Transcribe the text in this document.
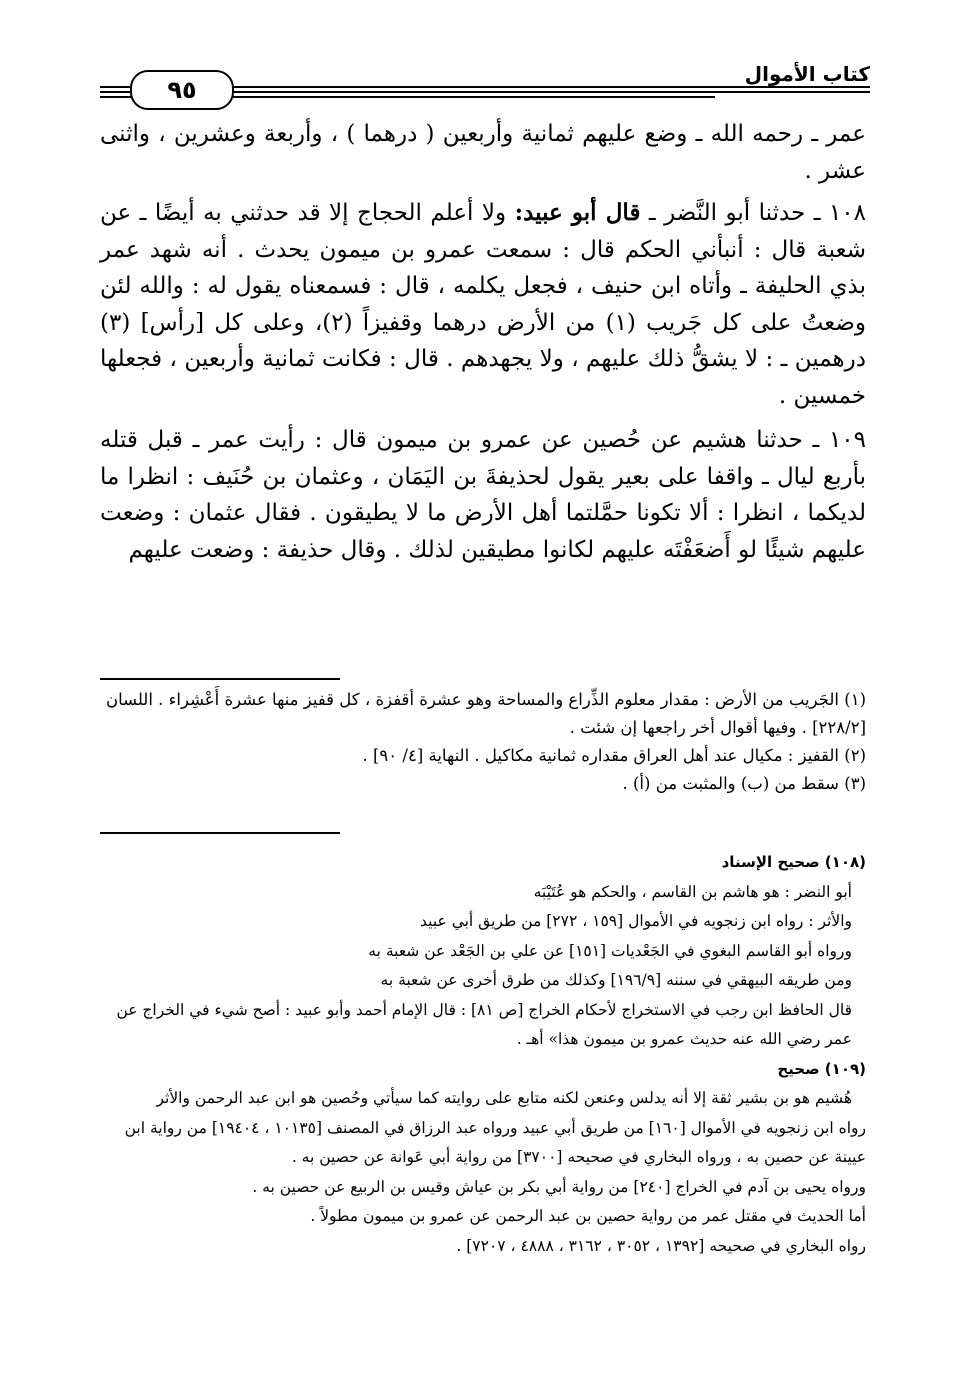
كتاب الأموال
٩٥

عمر ـ رحمه الله ـ وضع عليهم ثمانية وأربعين ( درهما ) ، وأربعة وعشرين ، واثنى عشر .

١٠٨ ـ حدثنا أبو النَّضر ـ قال أبو عبيد: ولا أعلم الحجاج إلا قد حدثني به أيضًا ـ عن شعبة قال : أنبأني الحكم قال : سمعت عمرو بن ميمون يحدث . أنه شهد عمر بذي الحليفة ـ وأتاه ابن حنيف ، فجعل يكلمه ، قال : فسمعناه يقول له : والله لئن وضعتُ على كل جَريب (١) من الأرض درهما وقفيزاً (٢)، وعلى كل [رأس] (٣) درهمين ـ : لا يشقُّ ذلك عليهم ، ولا يجهدهم . قال : فكانت ثمانية وأربعين ، فجعلها خمسين .

١٠٩ ـ حدثنا هشيم عن حُصين عن عمرو بن ميمون قال : رأيت عمر ـ قبل قتله بأربع ليال ـ واقفا على بعير يقول لحذيفةَ بن اليَمَان ، وعثمان بن حُنَيف : انظرا ما لديكما ، انظرا : ألا تكونا حمَّلتما أهل الأرض ما لا يطيقون . فقال عثمان : وضعت عليهم شيئًا لو أَضعَفْتَه عليهم لكانوا مطيقين لذلك . وقال حذيفة : وضعت عليهم

(١) الجَريب من الأرض : مقدار معلوم الذِّراع والمساحة وهو عشرة أقفزة ، كل قفيز منها عشرة أَعْشِراء . اللسان [٢٢٨/٢] . وفيها أقوال أخر راجعها إن شئت .

(٢) القفيز : مكيال عند أهل العراق مقداره ثمانية مكاكيل . النهاية [٤/ ٩٠] .

(٣) سقط من (ب) والمثبت من (أ) .

(١٠٨) صحيح الإسناد

أبو النضر : هو هاشم بن القاسم ، والحكم هو عُتَيْبَه

والأثر : رواه ابن زنجويه في الأموال [١٥٩ ، ٢٧٢] من طريق أبي عبيد

ورواه أبو القاسم البغوي في الجَعْديات [١٥١] عن علي بن الجَعْد عن شعبة به

ومن طريقه البيهقي في سننه [١٩٦/٩] وكذلك من طرق أخرى عن شعبة به

قال الحافظ ابن رجب في الاستخراج لأحكام الخراج [ص ٨١] : قال الإمام أحمد وأبو عبيد : أصح شيء في الخراج عن عمر رضي الله عنه حديث عمرو بن ميمون هذا» أهـ .

(١٠٩) صحيح

هُشيم هو بن بشير ثقة إلا أنه يدلس وعنعن لكنه متابع على روايته كما سيأتي وحُصين هو ابن عبد الرحمن والأثر

رواه ابن زنجويه في الأموال [١٦٠] من طريق أبي عبيد ورواه عبد الرزاق في المصنف [١٠١٣٥ ، ١٩٤٠٤] من رواية ابن عيينة عن حصين به ، ورواه البخاري في صحيحه [٣٧٠٠] من رواية أبي عَوانة عن حصين به .

ورواه يحيى بن آدم في الخراج [٢٤٠] من رواية أبي بكر بن عياش وقيس بن الربيع عن حصين به .

أما الحديث في مقتل عمر من رواية حصين بن عبد الرحمن عن عمرو بن ميمون مطولاً .

رواه البخاري في صحيحه [١٣٩٢ ، ٣٠٥٢ ، ٣١٦٢ ، ٤٨٨٨ ، ٧٢٠٧] .
